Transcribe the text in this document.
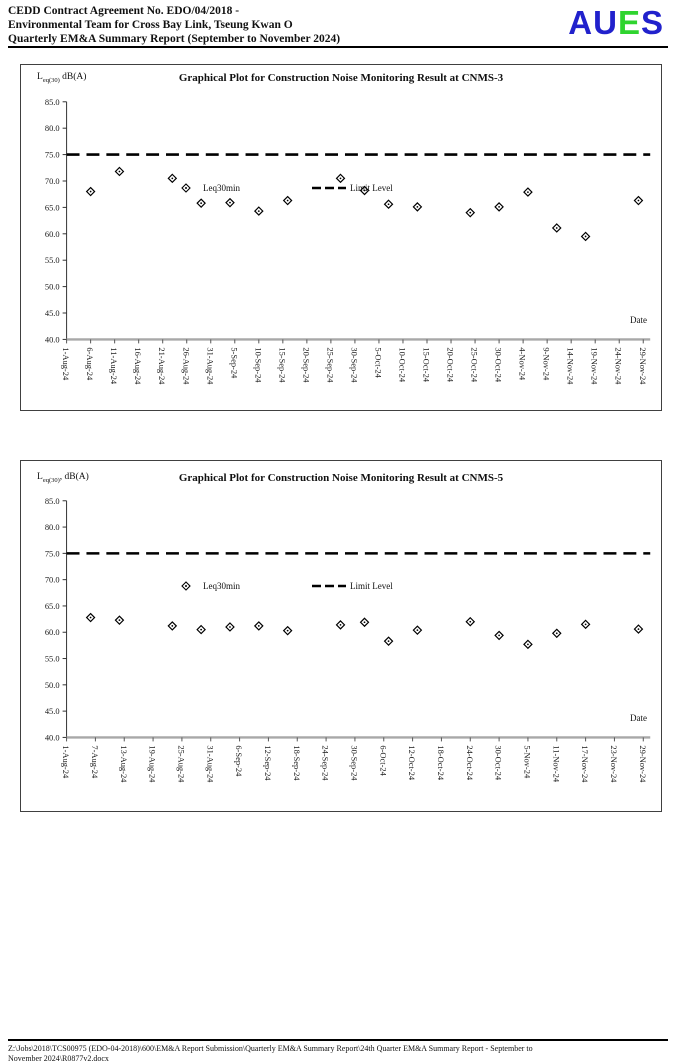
CEDD Contract Agreement No. EDO/04/2018 -
Environmental Team for Cross Bay Link, Tseung Kwan O
Quarterly EM&A Summary Report (September to November 2024)	AUES
85.0
80.0
75.0
70.0
65.0
60.0
55.0
50.0
45.0
40.0
1-Aug-24 6-Aug-24 11-Aug-24 16-Aug-24 21-Aug-24 26-Aug-24 31-Aug-24 5-Sep-24 10-Sep-24 15-Sep-24 20-Sep-24 25-Sep-24 30-Sep-24 5-Oct-24 10-Oct-24 15-Oct-24 20-Oct-24 25-Oct-24 30-Oct-24 4-Nov-24 9-Nov-24 14-Nov-24 19-Nov-24 24-Nov-24 29-Nov-24
$L_{eq(30)}$ dB(A)	Graphical Plot for Construction Noise Monitoring Result at CNMS-3
Leq30min	Limit Level
Date
85.0
80.0
75.0
70.0
65.0
60.0
55.0
50.0
45.0
40.0
1-Aug-24 7-Aug-24 13-Aug-24 19-Aug-24 25-Aug-24 31-Aug-24 6-Sep-24 12-Sep-24 18-Sep-24 24-Sep-24 30-Sep-24 6-Oct-24 12-Oct-24 18-Oct-24 24-Oct-24 30-Oct-24 5-Nov-24 11-Nov-24 17-Nov-24 23-Nov-24 29-Nov-24
$L_{eq(30)}$, dB(A)	Graphical Plot for Construction Noise Monitoring Result at CNMS-5
Leq30min	Limit Level
Date
Z:\Jobs\2018\TCS00975 (EDO-04-2018)\600\EM&A Report Submission\Quarterly EM&A Summary Report\24th Quarter EM&A Summary Report - September to
November 2024\R0877v2.docx
